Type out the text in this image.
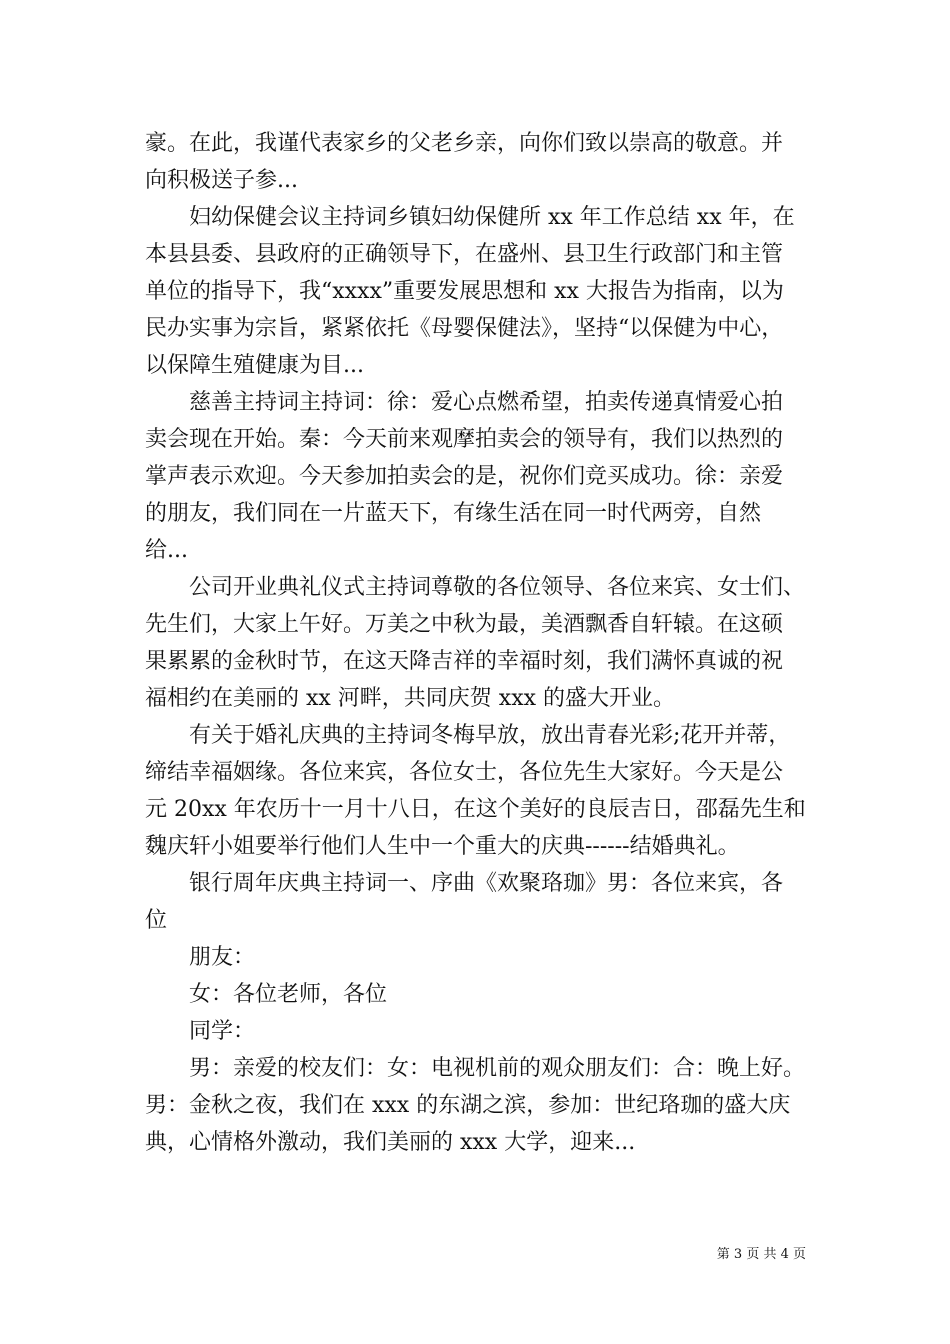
豪。在此，我谨代表家乡的父老乡亲，向你们致以崇高的敬意。并
向积极送子参...
妇幼保健会议主持词乡镇妇幼保健所 xx 年工作总结 xx 年，在
本县县委、县政府的正确领导下，在盛州、县卫生行政部门和主管
单位的指导下，我“xxxx”重要发展思想和 xx 大报告为指南，以为
民办实事为宗旨，紧紧依托《母婴保健法》，坚持“以保健为中心，
以保障生殖健康为目...
慈善主持词主持词：徐：爱心点燃希望，拍卖传递真情爱心拍
卖会现在开始。秦：今天前来观摩拍卖会的领导有，我们以热烈的
掌声表示欢迎。今天参加拍卖会的是，祝你们竞买成功。徐：亲爱
的朋友，我们同在一片蓝天下，有缘生活在同一时代两旁，自然
给...
公司开业典礼仪式主持词尊敬的各位领导、各位来宾、女士们、
先生们，大家上午好。万美之中秋为最，美酒飘香自轩辕。在这硕
果累累的金秋时节，在这天降吉祥的幸福时刻，我们满怀真诚的祝
福相约在美丽的 xx 河畔，共同庆贺 xxx 的盛大开业。
有关于婚礼庆典的主持词冬梅早放，放出青春光彩;花开并蒂，
缔结幸福姻缘。各位来宾，各位女士，各位先生大家好。今天是公
元 20xx 年农历十一月十八日，在这个美好的良辰吉日，邵磊先生和
魏庆轩小姐要举行他们人生中一个重大的庆典------结婚典礼。
银行周年庆典主持词一、序曲《欢聚珞珈》男：各位来宾，各
位
朋友：
女：各位老师，各位
同学：
男：亲爱的校友们：女：电视机前的观众朋友们：合：晚上好。
男：金秋之夜，我们在 xxx 的东湖之滨，参加：世纪珞珈的盛大庆
典，心情格外激动，我们美丽的 xxx 大学，迎来...
第 3 页 共 4 页
